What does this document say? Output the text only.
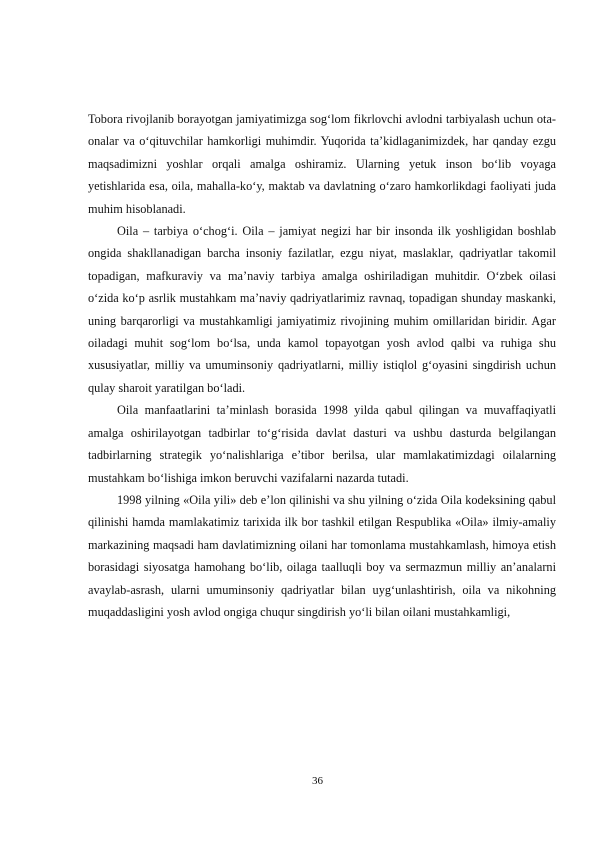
Tobora rivojlanib borayotgan jamiyatimizga sog‘lom fikrlovchi avlodni tarbiyalash uchun ota-onalar va o‘qituvchilar hamkorligi muhimdir. Yuqorida ta’kidlaganimizdek, har qanday ezgu maqsadimizni yoshlar orqali amalga oshiramiz. Ularning yetuk inson bo‘lib voyaga yetishlarida esa, oila, mahalla-ko‘y, maktab va davlatning o‘zaro hamkorlikdagi faoliyati juda muhim hisoblanadi.

Oila – tarbiya o‘chog‘i. Oila – jamiyat negizi har bir insonda ilk yoshligidan boshlab ongida shakllanadigan barcha insoniy fazilatlar, ezgu niyat, maslaklar, qadriyatlar takomil topadigan, mafkuraviy va ma’naviy tarbiya amalga oshiriladigan muhitdir. O‘zbek oilasi o‘zida ko‘p asrlik mustahkam ma’naviy qadriyatlarimiz ravnaq, topadigan shunday maskanki, uning barqarorligi va mustahkamligi jamiyatimiz rivojining muhim omillaridan biridir. Agar oiladagi muhit sog‘lom bo‘lsa, unda kamol topayotgan yosh avlod qalbi va ruhiga shu xususiyatlar, milliy va umuminsoniy qadriyatlarni, milliy istiqlol g‘oyasini singdirish uchun qulay sharoit yaratilgan bo‘ladi.

Oila manfaatlarini ta’minlash borasida 1998 yilda qabul qilingan va muvaffaqiyatli amalga oshirilayotgan tadbirlar to‘g‘risida davlat dasturi va ushbu dasturda belgilangan tadbirlarning strategik yo‘nalishlariga e’tibor berilsa, ular mamlakatimizdagi oilalarning mustahkam bo‘lishiga imkon beruvchi vazifalarni nazarda tutadi.

1998 yilning «Oila yili» deb e’lon qilinishi va shu yilning o‘zida Oila kodeksining qabul qilinishi hamda mamlakatimiz tarixida ilk bor tashkil etilgan Respublika «Oila» ilmiy-amaliy markazining maqsadi ham davlatimizning oilani har tomonlama mustahkamlash, himoya etish borasidagi siyosatga hamohang bo‘lib, oilaga taalluqli boy va sermazmun milliy an’analarni avaylab-asrash, ularni umuminsoniy qadriyatlar bilan uyg‘unlashtirish, oila va nikohning muqaddasligini yosh avlod ongiga chuqur singdirish yo‘li bilan oilani mustahkamligi,

36
